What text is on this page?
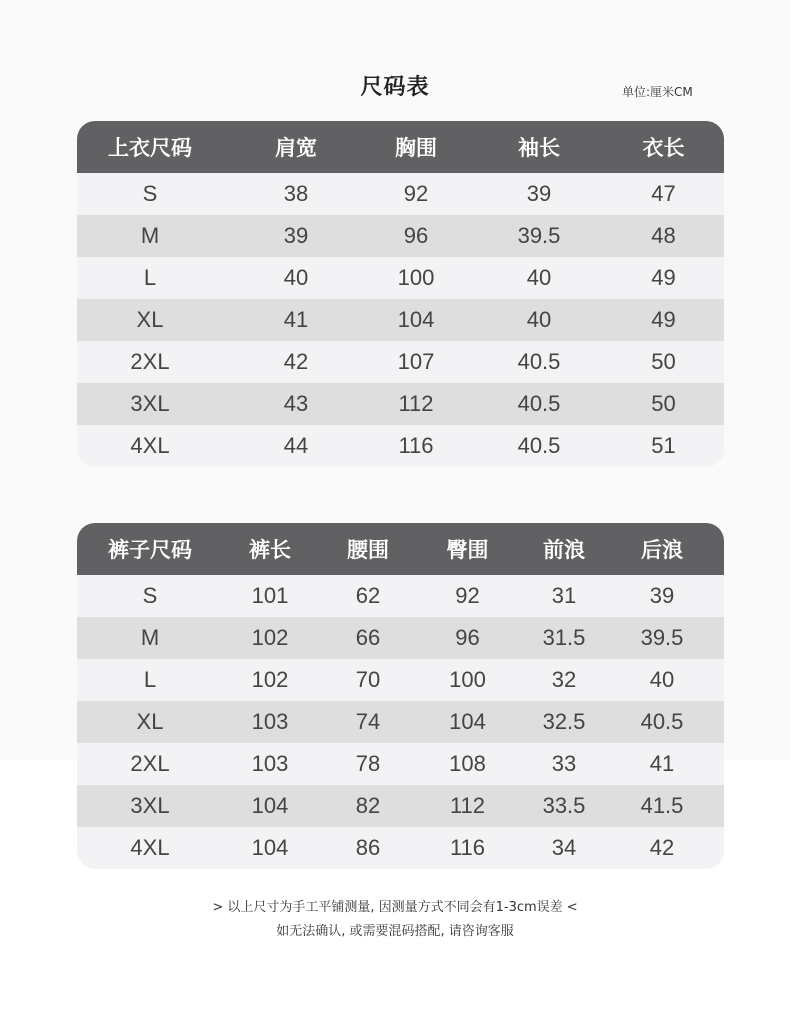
尺码表	单位:厘米CM
上衣尺码	肩宽	胸围	袖长	衣长
S	38	92	39	47
M	39	96	39.5	48
L	40	100	40	49
XL	41	104	40	49
2XL	42	107	40.5	50
3XL	43	112	40.5	50
4XL	44	116	40.5	51
裤子尺码	裤长	腰围	臀围	前浪	后浪
S	101	62	92	31	39
M	102	66	96	31.5	39.5
L	102	70	100	32	40
XL	103	74	104	32.5	40.5
2XL	103	78	108	33	41
3XL	104	82	112	33.5	41.5
4XL	104	86	116	34	42
> 以上尺寸为手工平铺测量, 因测量方式不同会有1-3cm误差 <
如无法确认, 或需要混码搭配, 请咨询客服
